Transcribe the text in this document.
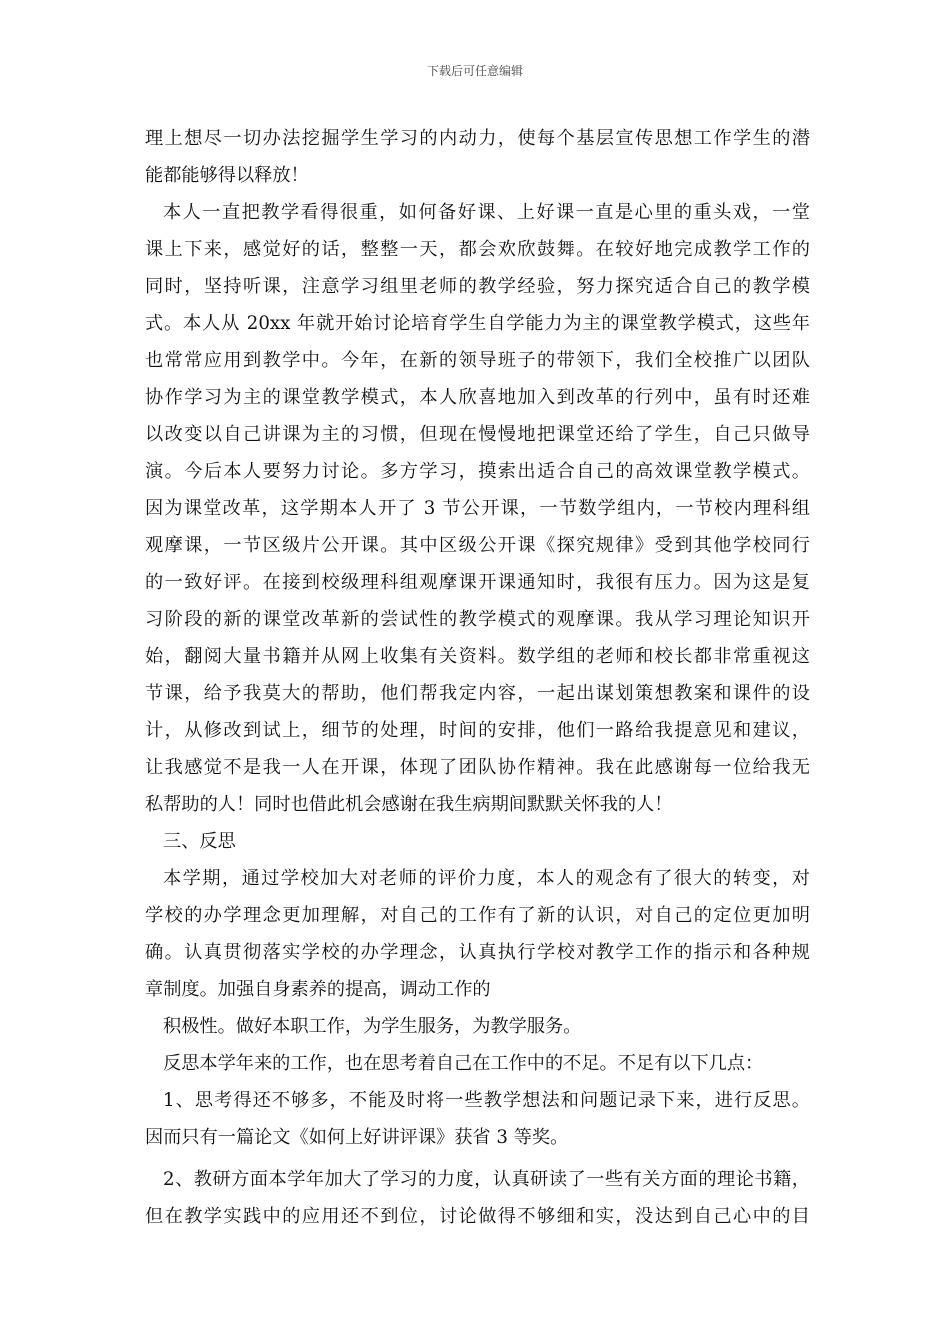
下载后可任意编辑
理上想尽一切办法挖掘学生学习的内动力，使每个基层宣传思想工作学生的潜
能都能够得以释放！
本人一直把教学看得很重，如何备好课、上好课一直是心里的重头戏，一堂
课上下来，感觉好的话，整整一天，都会欢欣鼓舞。在较好地完成教学工作的
同时，坚持听课，注意学习组里老师的教学经验，努力探究适合自己的教学模
式。本人从 20xx 年就开始讨论培育学生自学能力为主的课堂教学模式，这些年
也常常应用到教学中。今年，在新的领导班子的带领下，我们全校推广以团队
协作学习为主的课堂教学模式，本人欣喜地加入到改革的行列中，虽有时还难
以改变以自己讲课为主的习惯，但现在慢慢地把课堂还给了学生，自己只做导
演。今后本人要努力讨论。多方学习，摸索出适合自己的高效课堂教学模式。
因为课堂改革，这学期本人开了 3 节公开课，一节数学组内，一节校内理科组
观摩课，一节区级片公开课。其中区级公开课《探究规律》受到其他学校同行
的一致好评。在接到校级理科组观摩课开课通知时，我很有压力。因为这是复
习阶段的新的课堂改革新的尝试性的教学模式的观摩课。我从学习理论知识开
始，翻阅大量书籍并从网上收集有关资料。数学组的老师和校长都非常重视这
节课，给予我莫大的帮助，他们帮我定内容，一起出谋划策想教案和课件的设
计，从修改到试上，细节的处理，时间的安排，他们一路给我提意见和建议，
让我感觉不是我一人在开课，体现了团队协作精神。我在此感谢每一位给我无
私帮助的人！同时也借此机会感谢在我生病期间默默关怀我的人！
三、反思
本学期，通过学校加大对老师的评价力度，本人的观念有了很大的转变，对
学校的办学理念更加理解，对自己的工作有了新的认识，对自己的定位更加明
确。认真贯彻落实学校的办学理念，认真执行学校对教学工作的指示和各种规
章制度。加强自身素养的提高，调动工作的
积极性。做好本职工作，为学生服务，为教学服务。
反思本学年来的工作，也在思考着自己在工作中的不足。不足有以下几点：
1、思考得还不够多，不能及时将一些教学想法和问题记录下来，进行反思。
因而只有一篇论文《如何上好讲评课》获省 3 等奖。
2、教研方面本学年加大了学习的力度，认真研读了一些有关方面的理论书籍，
但在教学实践中的应用还不到位，讨论做得不够细和实，没达到自己心中的目
